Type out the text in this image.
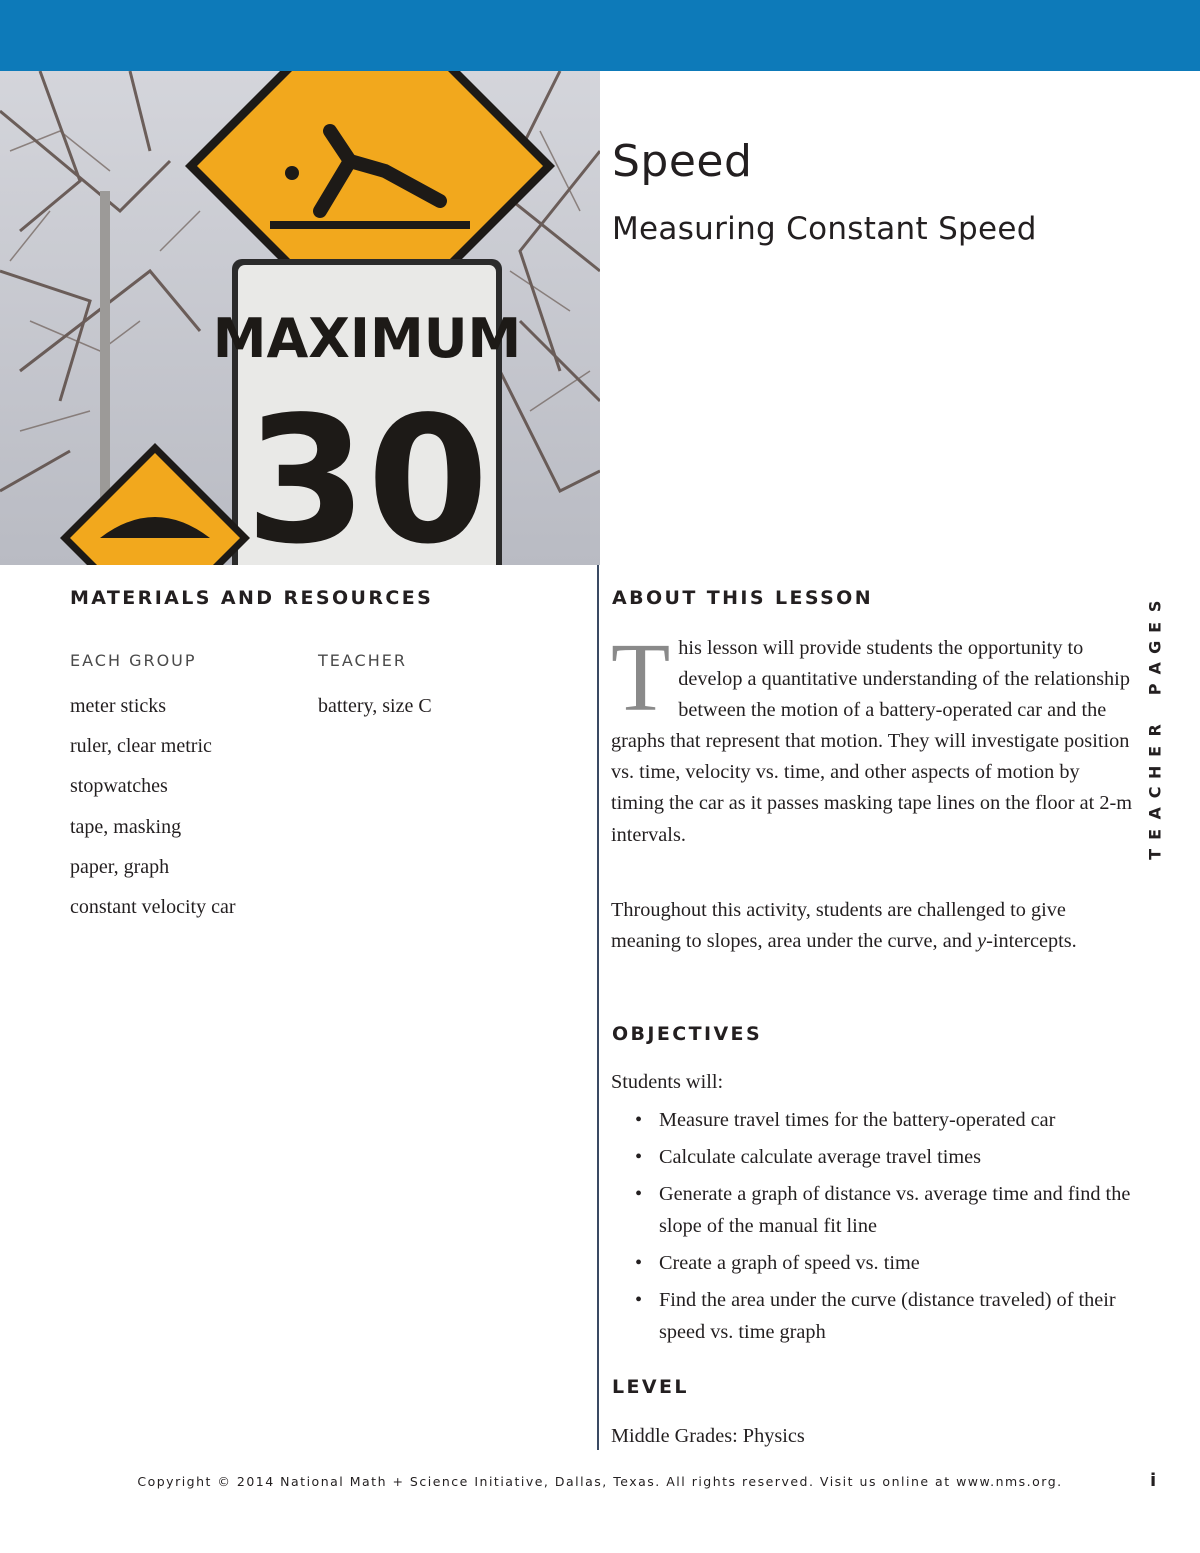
MAXIMUM
30
Speed
Measuring Constant Speed
MATERIALS AND RESOURCES
EACH GROUP	TEACHER
meter sticks
ruler, clear metric
stopwatches
tape, masking
paper, graph
constant velocity car
battery, size C
ABOUT THIS LESSON
This lesson will provide students the opportunity to develop a quantitative understanding of the relationship between the motion of a battery-operated car and the graphs that represent that motion. They will investigate position vs. time, velocity vs. time, and other aspects of motion by timing the car as it passes masking tape lines on the floor at 2-m intervals.

Throughout this activity, students are challenged to give meaning to slopes, area under the curve, and y-intercepts.

OBJECTIVES
Students will:
• Measure travel times for the battery-operated car
• Calculate calculate average travel times
• Generate a graph of distance vs. average time and find the slope of the manual fit line
• Create a graph of speed vs. time
• Find the area under the curve (distance traveled) of their speed vs. time graph
LEVEL
Middle Grades: Physics
S
E
G
A
P
R
E
H
C
A
E
T
Copyright © 2014 National Math + Science Initiative, Dallas, Texas. All rights reserved. Visit us online at www.nms.org.	i
